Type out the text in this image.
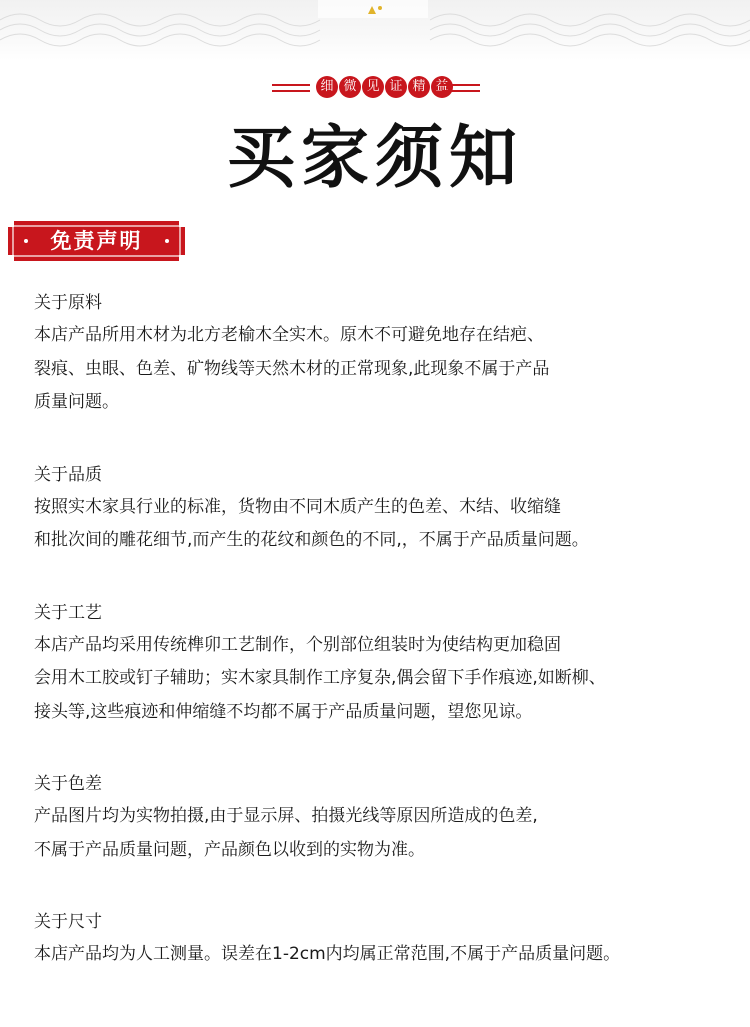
细 微 见 证 精 益
买家须知
免责声明
关于原料
本店产品所用木材为北方老榆木全实木。原木不可避免地存在结疤、
裂痕、虫眼、色差、矿物线等天然木材的正常现象,此现象不属于产品
质量问题。
关于品质
按照实木家具行业的标准，货物由不同木质产生的色差、木结、收缩缝
和批次间的雕花细节,而产生的花纹和颜色的不同,，不属于产品质量问题。
关于工艺
本店产品均采用传统榫卯工艺制作，个别部位组装时为使结构更加稳固
会用木工胶或钉子辅助；实木家具制作工序复杂,偶会留下手作痕迹,如断柳、
接头等,这些痕迹和伸缩缝不均都不属于产品质量问题，望您见谅。
关于色差
产品图片均为实物拍摄,由于显示屏、拍摄光线等原因所造成的色差,
不属于产品质量问题，产品颜色以收到的实物为准。
关于尺寸
本店产品均为人工测量。误差在1-2cm内均属正常范围,不属于产品质量问题。
